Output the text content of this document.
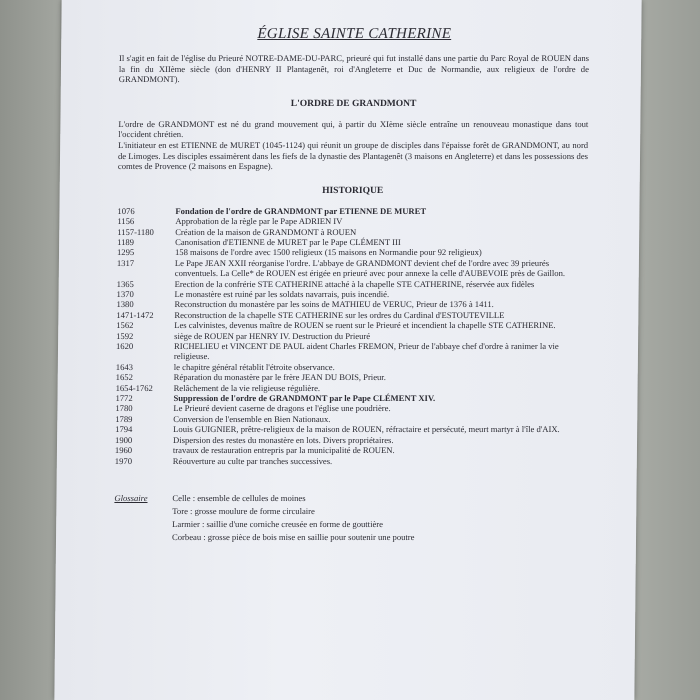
ÉGLISE SAINTE CATHERINE

Il s'agit en fait de l'église du Prieuré NOTRE-DAME-DU-PARC, prieuré qui fut installé dans une partie du Parc Royal de ROUEN dans la fin du XIIème siècle (don d'HENRY II Plantagenêt, roi d'Angleterre et Duc de Normandie, aux religieux de l'ordre de GRANDMONT).

L'ORDRE DE GRANDMONT

L'ordre de GRANDMONT est né du grand mouvement qui, à partir du XIème siècle entraîne un renouveau monastique dans tout l'occident chrétien.

L'initiateur en est ETIENNE de MURET (1045-1124) qui réunit un groupe de disciples dans l'épaisse forêt de GRANDMONT, au nord de Limoges. Les disciples essaimèrent dans les fiefs de la dynastie des Plantagenêt (3 maisons en Angleterre) et dans les possessions des comtes de Provence (2 maisons en Espagne).

HISTORIQUE
1076	Fondation de l'ordre de GRANDMONT par ETIENNE DE MURET
1156	Approbation de la règle par le Pape ADRIEN IV
1157-1180	Création de la maison de GRANDMONT à ROUEN
1189	Canonisation d'ETIENNE de MURET par le Pape CLÉMENT III
1295	158 maisons de l'ordre avec 1500 religieux (15 maisons en Normandie pour 92 religieux)
1317	Le Pape JEAN XXII réorganise l'ordre. L'abbaye de GRANDMONT devient chef de l'ordre avec 39 prieurés conventuels. La Celle* de ROUEN est érigée en prieuré avec pour annexe la celle d'AUBEVOIE près de Gaillon.
1365	Erection de la confrérie STE CATHERINE attaché à la chapelle STE CATHERINE, réservée aux fidèles
1370	Le monastère est ruiné par les soldats navarrais, puis incendié.
1380	Reconstruction du monastère par les soins de MATHIEU de VERUC, Prieur de 1376 à 1411.
1471-1472	Reconstruction de la chapelle STE CATHERINE sur les ordres du Cardinal d'ESTOUTEVILLE
1562	Les calvinistes, devenus maître de ROUEN se ruent sur le Prieuré et incendient la chapelle STE CATHERINE.
1592	siège de ROUEN par HENRY IV. Destruction du Prieuré
1620	RICHELIEU et VINCENT DE PAUL aident Charles FREMON, Prieur de l'abbaye chef d'ordre à ranimer la vie religieuse.
1643	le chapitre général rétablit l'étroite observance.
1652	Réparation du monastère par le frère JEAN DU BOIS, Prieur.
1654-1762	Relâchement de la vie religieuse régulière.
1772	Suppression de l'ordre de GRANDMONT par le Pape CLÉMENT XIV.
1780	Le Prieuré devient caserne de dragons et l'église une poudrière.
1789	Conversion de l'ensemble en Bien Nationaux.
1794	Louis GUIGNIER, prêtre-religieux de la maison de ROUEN, réfractaire et persécuté, meurt martyr à l'île d'AIX.
1900	Dispersion des restes du monastère en lots. Divers propriétaires.
1960	travaux de restauration entrepris par la municipalité de ROUEN.
1970	Réouverture au culte par tranches successives.
Glossaire	Celle : ensemble de cellules de moines
Tore : grosse moulure de forme circulaire
Larmier : saillie d'une corniche creusée en forme de gouttière
Corbeau : grosse pièce de bois mise en saillie pour soutenir une poutre
